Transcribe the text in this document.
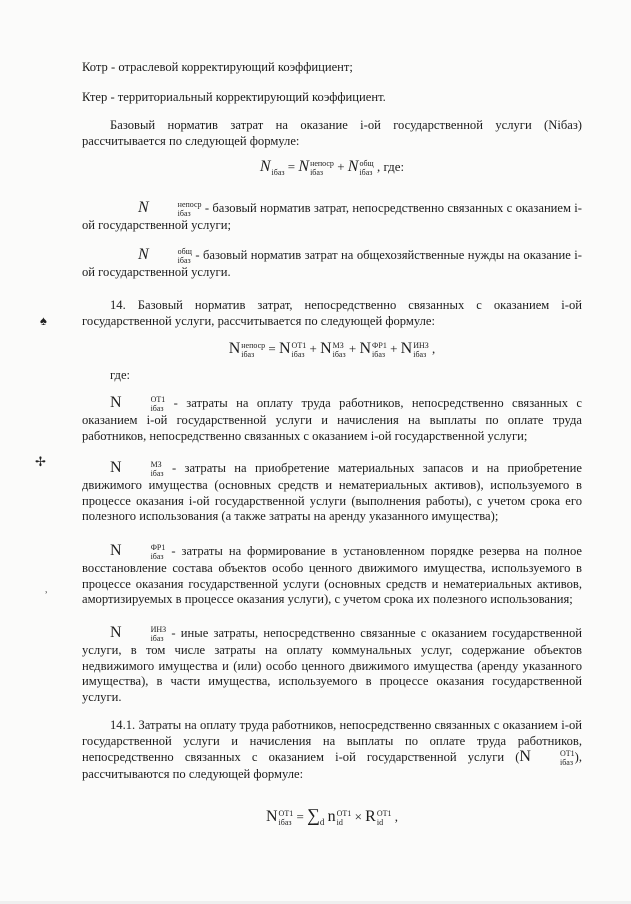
Котр - отраслевой корректирующий коэффициент;
Ктер - территориальный корректирующий коэффициент.
Базовый норматив затрат на оказание i-ой государственной услуги (Niбаз) рассчитывается по следующей формуле:
N
iбаз = N непоср
iбаз	+ N общ
iбаз , где:
N	непоср
iбаз	- базовый норматив затрат, непосредственно связанных с оказанием i-ой государственной услуги;
N	общ
iбаз - базовый норматив затрат на общехозяйственные нужды на оказание i-ой государственной услуги.
14. Базовый норматив затрат, непосредственно связанных с оказанием i-ой государственной услуги, рассчитывается по следующей формуле:
N непоср
iбаз	= N OT1
iбаз + N МЗ
iбаз + N ФР1
iбаз + N ИНЗ
iбаз ,
где:
N	OT1
iбаз - затраты на оплату труда работников, непосредственно связанных с оказанием i-ой государственной услуги и начисления на выплаты по оплате труда работников, непосредственно связанных с оказанием i-ой государственной услуги;
N	МЗ
iбаз - затраты на приобретение материальных запасов и на приобретение движимого имущества (основных средств и нематериальных активов), используемого в процессе оказания i-ой государственной услуги (выполнения работы), с учетом срока его полезного использования (а также затраты на аренду указанного имущества);
N	ФР1
iбаз - затраты на формирование в установленном порядке резерва на полное восстановление состава объектов особо ценного движимого имущества, используемого в процессе оказания государственной услуги (основных средств и нематериальных активов, амортизируемых в процессе оказания услуги), с учетом срока их полезного использования;
N	ИНЗ
iбаз - иные затраты, непосредственно связанные с оказанием государственной услуги, в том числе затраты на оплату коммунальных услуг, содержание объектов недвижимого имущества и (или) особо ценного движимого имущества (аренду указанного имущества), в части имущества, используемого в процессе оказания государственной услуги.
14.1. Затраты на оплату труда работников, непосредственно связанных с оказанием i-ой государственной услуги и начисления на выплаты по оплате труда работников, непосредственно связанных с оказанием i-ой государственной услуги (N	OT1
iбаз ), рассчитываются по следующей формуле:
N OT1
iбаз = $\sum_d$ n OT1
id × R OT1
id ,
♠
✢
ʾ
